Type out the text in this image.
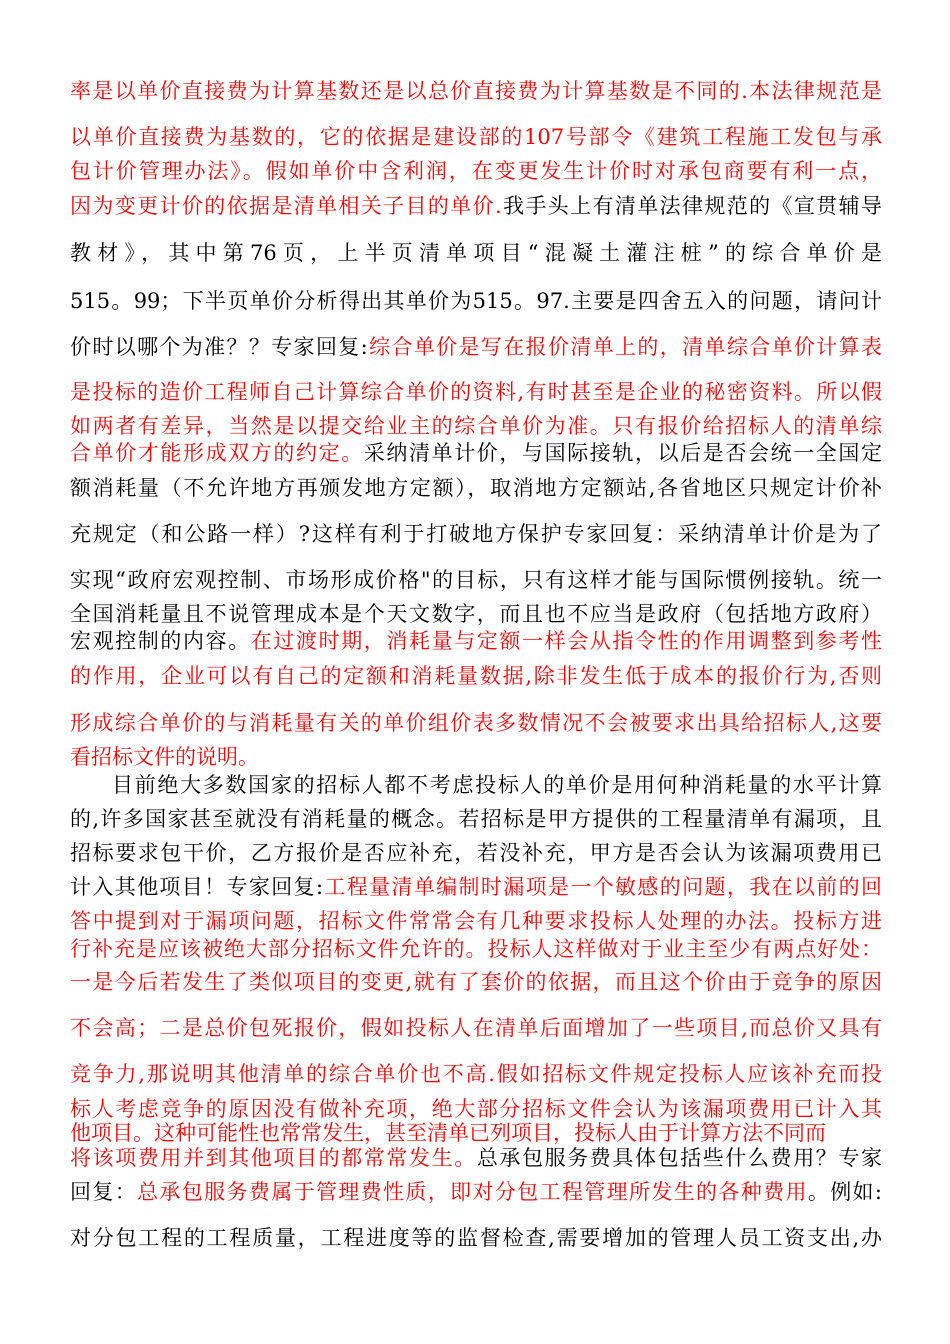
率是以单价直接费为计算基数还是以总价直接费为计算基数是不同的.本法律规范是
以单价直接费为基数的，它的依据是建设部的107号部令《建筑工程施工发包与承
包计价管理办法》。假如单价中含利润，在变更发生计价时对承包商要有利一点，
因为变更计价的依据是清单相关子目的单价.我手头上有清单法律规范的《宣贯辅导
教材》，其中第76页，上半页清单项目“混凝土灌注桩”的综合单价是
515。99；下半页单价分析得出其单价为515。97.主要是四舍五入的问题，请问计
价时以哪个为准？？专家回复:综合单价是写在报价清单上的，清单综合单价计算表
是投标的造价工程师自己计算综合单价的资料,有时甚至是企业的秘密资料。所以假
如两者有差异，当然是以提交给业主的综合单价为准。只有报价给招标人的清单综
合单价才能形成双方的约定。采纳清单计价，与国际接轨，以后是否会统一全国定
额消耗量（不允许地方再颁发地方定额），取消地方定额站,各省地区只规定计价补
充规定（和公路一样）?这样有利于打破地方保护专家回复：采纳清单计价是为了
实现“政府宏观控制、市场形成价格"的目标，只有这样才能与国际惯例接轨。统一
全国消耗量且不说管理成本是个天文数字，而且也不应当是政府（包括地方政府）
宏观控制的内容。在过渡时期，消耗量与定额一样会从指令性的作用调整到参考性
的作用，企业可以有自己的定额和消耗量数据,除非发生低于成本的报价行为,否则
形成综合单价的与消耗量有关的单价组价表多数情况不会被要求出具给招标人,这要
看招标文件的说明。
目前绝大多数国家的招标人都不考虑投标人的单价是用何种消耗量的水平计算
的,许多国家甚至就没有消耗量的概念。若招标是甲方提供的工程量清单有漏项，且
招标要求包干价，乙方报价是否应补充，若没补充，甲方是否会认为该漏项费用已
计入其他项目！专家回复:工程量清单编制时漏项是一个敏感的问题，我在以前的回
答中提到对于漏项问题，招标文件常常会有几种要求投标人处理的办法。投标方进
行补充是应该被绝大部分招标文件允许的。投标人这样做对于业主至少有两点好处：
一是今后若发生了类似项目的变更,就有了套价的依据，而且这个价由于竞争的原因
不会高；二是总价包死报价，假如投标人在清单后面增加了一些项目,而总价又具有
竞争力,那说明其他清单的综合单价也不高.假如招标文件规定投标人应该补充而投
标人考虑竞争的原因没有做补充项，绝大部分招标文件会认为该漏项费用已计入其
他项目。这种可能性也常常发生，甚至清单已列项目，投标人由于计算方法不同而
将该项费用并到其他项目的都常常发生。总承包服务费具体包括些什么费用？专家
回复：总承包服务费属于管理费性质，即对分包工程管理所发生的各种费用。例如:
对分包工程的工程质量，工程进度等的监督检查,需要增加的管理人员工资支出,办
